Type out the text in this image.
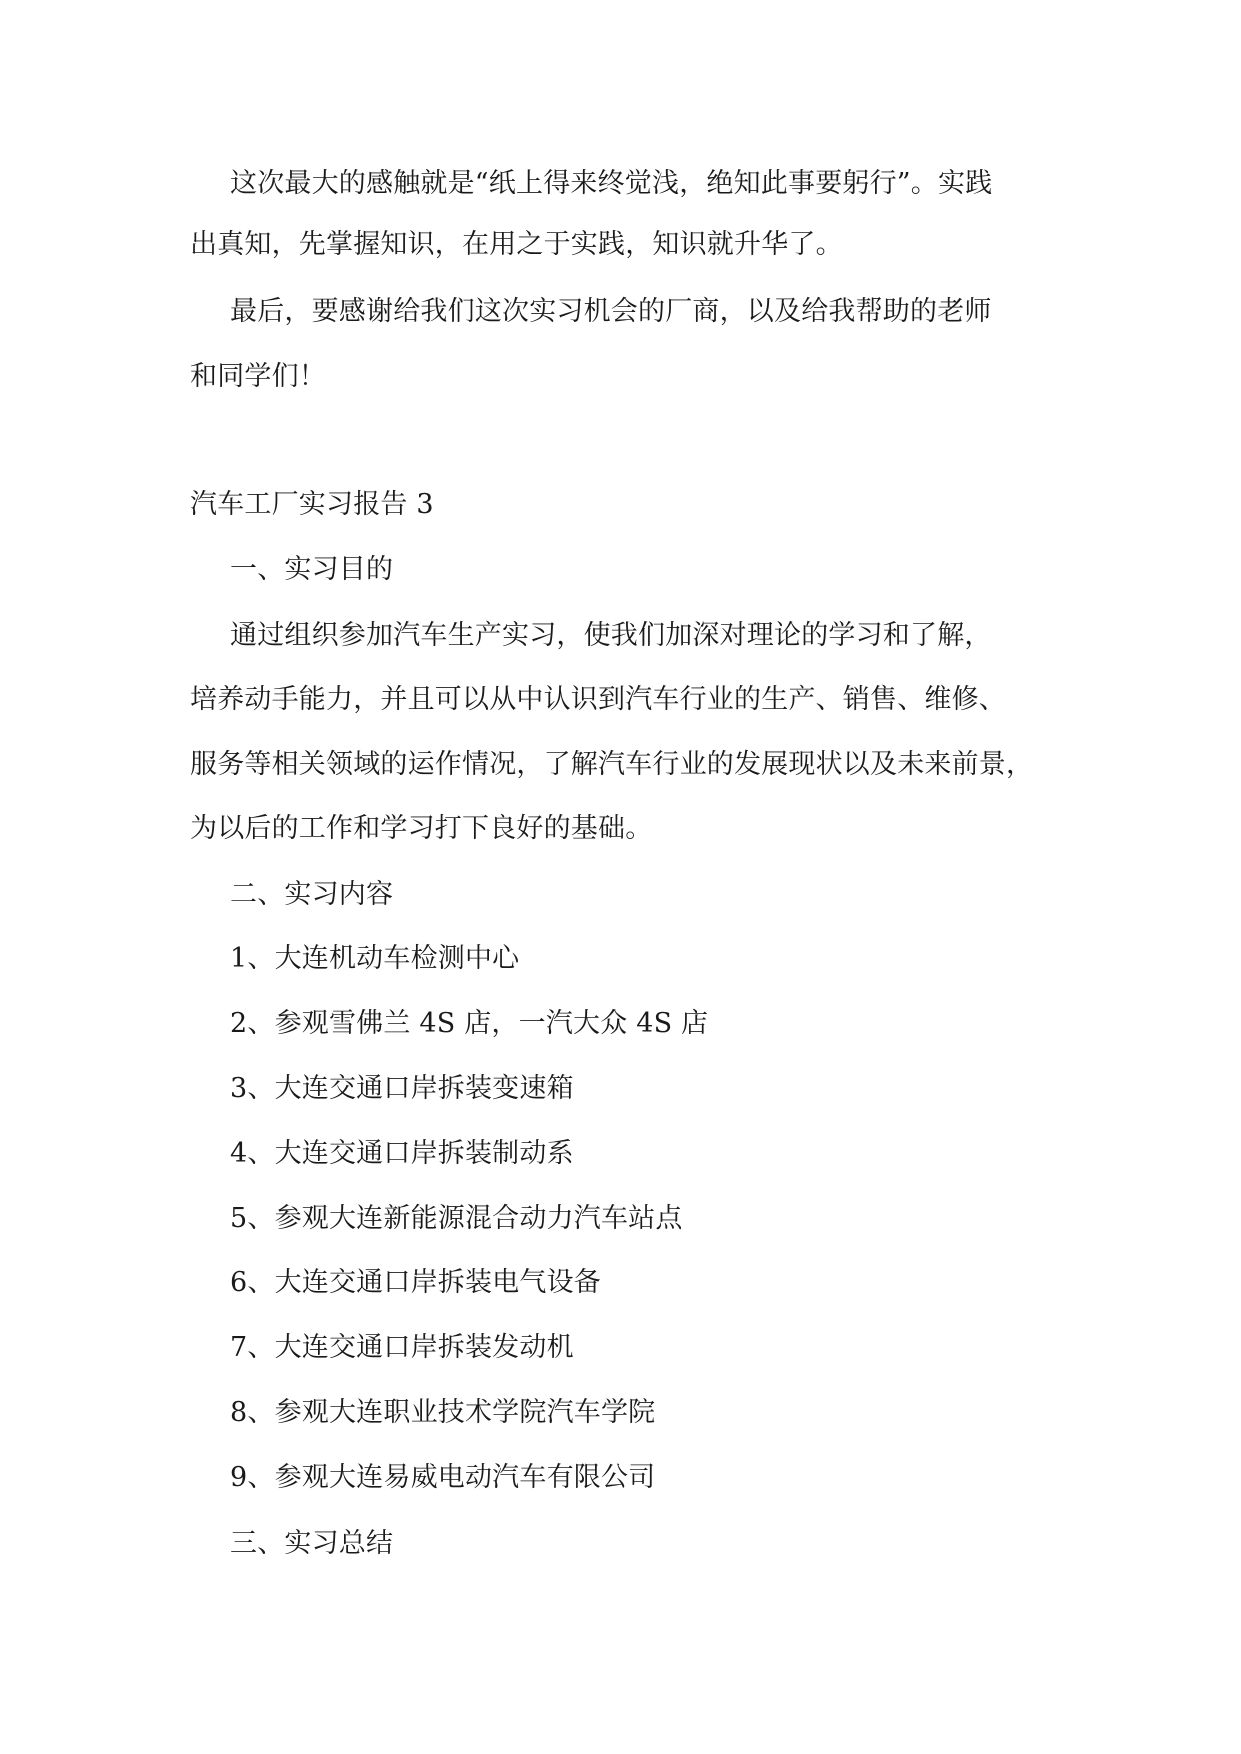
这次最大的感触就是“纸上得来终觉浅，绝知此事要躬行”。实践

出真知，先掌握知识，在用之于实践，知识就升华了。

最后，要感谢给我们这次实习机会的厂商，以及给我帮助的老师

和同学们！

汽车工厂实习报告 3

一、实习目的

通过组织参加汽车生产实习，使我们加深对理论的学习和了解，

培养动手能力，并且可以从中认识到汽车行业的生产、销售、维修、

服务等相关领域的运作情况，了解汽车行业的发展现状以及未来前景，

为以后的工作和学习打下良好的基础。

二、实习内容

1、大连机动车检测中心

2、参观雪佛兰 4S 店，一汽大众 4S 店

3、大连交通口岸拆装变速箱

4、大连交通口岸拆装制动系

5、参观大连新能源混合动力汽车站点

6、大连交通口岸拆装电气设备

7、大连交通口岸拆装发动机

8、参观大连职业技术学院汽车学院

9、参观大连易威电动汽车有限公司

三、实习总结
